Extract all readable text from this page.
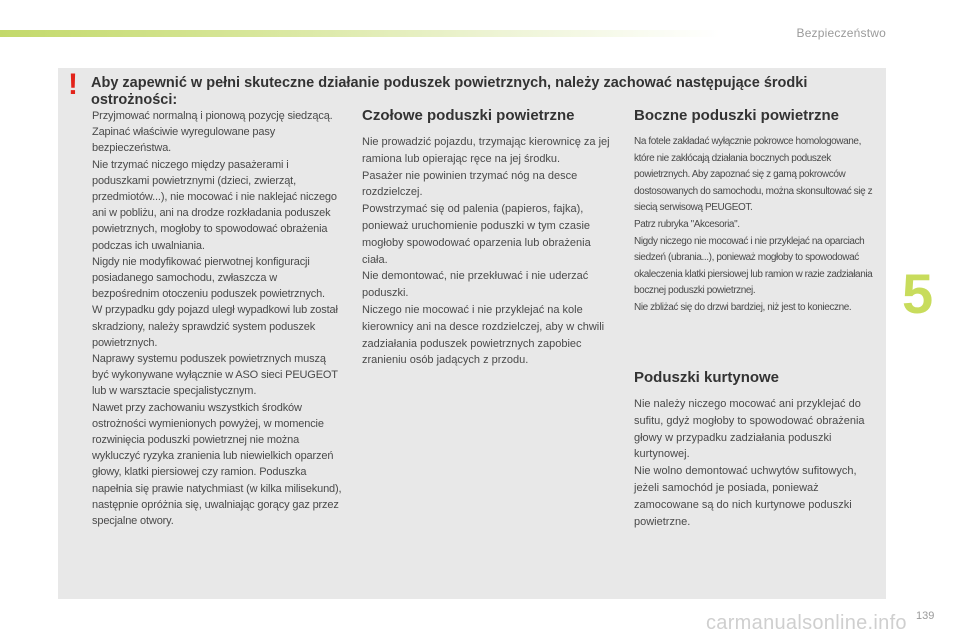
Bezpieczeństwo
5
! Aby zapewnić w pełni skuteczne działanie poduszek powietrznych, należy zachować następujące środki ostrożności:

Przyjmować normalną i pionową pozycję siedzącą.

Zapinać właściwie wyregulowane pasy bezpieczeństwa.

Nie trzymać niczego między pasażerami i poduszkami powietrznymi (dzieci, zwierząt, przedmiotów...), nie mocować i nie naklejać niczego ani w pobliżu, ani na drodze rozkładania poduszek powietrznych, mogłoby to spowodować obrażenia podczas ich uwalniania.

Nigdy nie modyfikować pierwotnej konfiguracji posiadanego samochodu, zwłaszcza w bezpośrednim otoczeniu poduszek powietrznych.

W przypadku gdy pojazd uległ wypadkowi lub został skradziony, należy sprawdzić system poduszek powietrznych.

Naprawy systemu poduszek powietrznych muszą być wykonywane wyłącznie w ASO sieci PEUGEOT lub w warsztacie specjalistycznym.

Nawet przy zachowaniu wszystkich środków ostrożności wymienionych powyżej, w momencie rozwinięcia poduszki powietrznej nie można wykluczyć ryzyka zranienia lub niewielkich oparzeń głowy, klatki piersiowej czy ramion. Poduszka napełnia się prawie natychmiast (w kilka milisekund), następnie opróżnia się, uwalniając gorący gaz przez specjalne otwory.

Czołowe poduszki powietrzne

Nie prowadzić pojazdu, trzymając kierownicę za jej ramiona lub opierając ręce na jej środku.

Pasażer nie powinien trzymać nóg na desce rozdzielczej.

Powstrzymać się od palenia (papieros, fajka), ponieważ uruchomienie poduszki w tym czasie mogłoby spowodować oparzenia lub obrażenia ciała.

Nie demontować, nie przekłuwać i nie uderzać poduszki.

Niczego nie mocować i nie przyklejać na kole kierownicy ani na desce rozdzielczej, aby w chwili zadziałania poduszek powietrznych zapobiec zranieniu osób jadących z przodu.

Boczne poduszki powietrzne

Na fotele zakładać wyłącznie pokrowce homologowane, które nie zakłócają działania bocznych poduszek powietrznych. Aby zapoznać się z gamą pokrowców dostosowanych do samochodu, można skonsultować się z siecią serwisową PEUGEOT.

Patrz rubryka "Akcesoria".

Nigdy niczego nie mocować i nie przyklejać na oparciach siedzeń (ubrania...), ponieważ mogłoby to spowodować okaleczenia klatki piersiowej lub ramion w razie zadziałania bocznej poduszki powietrznej.

Nie zbliżać się do drzwi bardziej, niż jest to konieczne.

Poduszki kurtynowe

Nie należy niczego mocować ani przyklejać do sufitu, gdyż mogłoby to spowodować obrażenia głowy w przypadku zadziałania poduszki kurtynowej.

Nie wolno demontować uchwytów sufitowych, jeżeli samochód je posiada, ponieważ zamocowane są do nich kurtynowe poduszki powietrzne.

carmanualsonline.info 139
